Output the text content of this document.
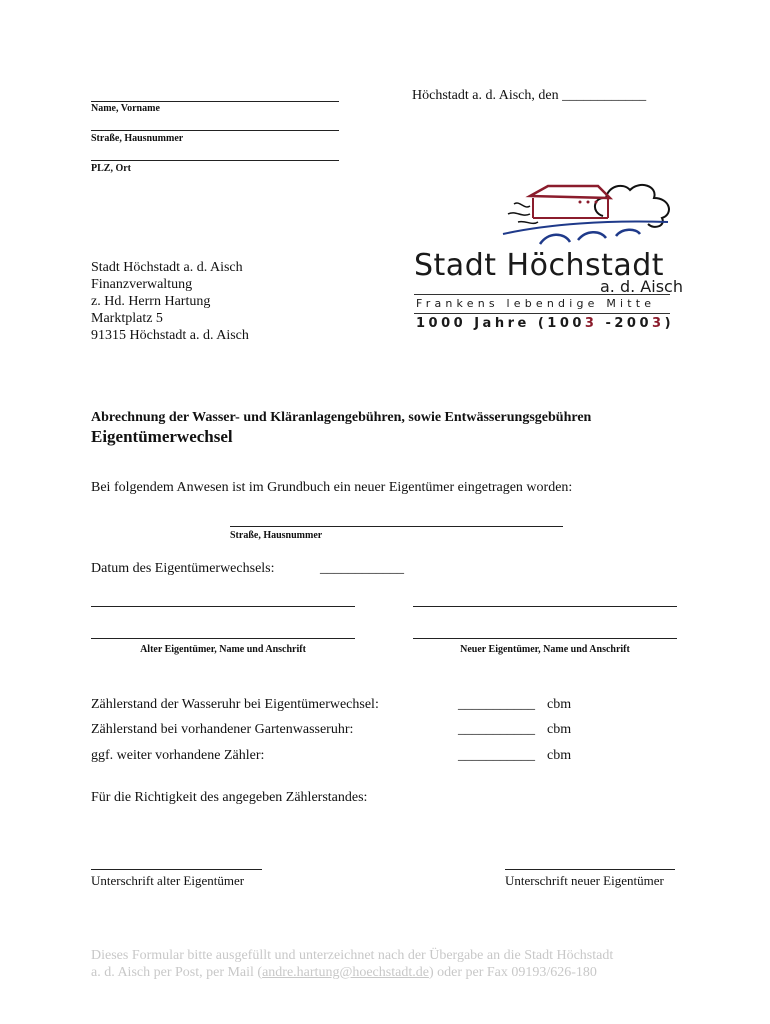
Höchstadt a. d. Aisch, den ____________
Name, Vorname
Straße, Hausnummer
PLZ, Ort
Stadt Höchstadt a. d. Aisch
Finanzverwaltung
z. Hd. Herrn Hartung
Marktplatz 5
91315 Höchstadt a. d. Aisch
Stadt Höchstadt
a. d. Aisch
Frankens lebendige Mitte
1000 Jahre (1003 -2003)
Abrechnung der Wasser- und Kläranlagengebühren, sowie Entwässerungsgebühren
Eigentümerwechsel
Bei folgendem Anwesen ist im Grundbuch ein neuer Eigentümer eingetragen worden:
Straße, Hausnummer
Datum des Eigentümerwechsels:	____________
Alter Eigentümer, Name und Anschrift	Neuer Eigentümer, Name und Anschrift
Zählerstand der Wasseruhr bei Eigentümerwechsel:	___________ cbm
Zählerstand bei vorhandener Gartenwasseruhr:	___________ cbm
ggf. weiter vorhandene Zähler:	___________ cbm
Für die Richtigkeit des angegeben Zählerstandes:
Unterschrift alter Eigentümer	Unterschrift neuer Eigentümer
Dieses Formular bitte ausgefüllt und unterzeichnet nach der Übergabe an die Stadt Höchstadt
a. d. Aisch per Post, per Mail (andre.hartung@hoechstadt.de) oder per Fax 09193/626-180
